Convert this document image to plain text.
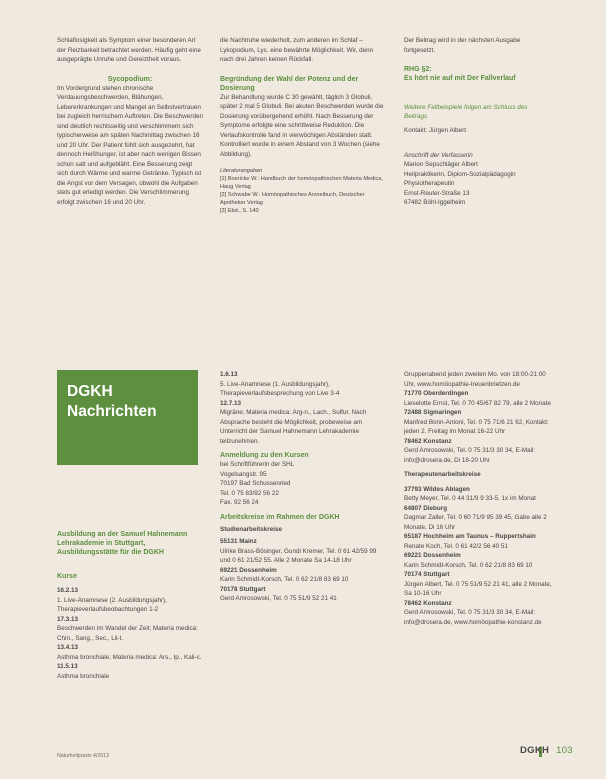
Schlaflosigkeit als Symptom einer besonderen Art der Reizbarkeit betrachtet werden. Häufig geht eine ausgeprägte Unruhe und Gereiztheit voraus.

Sycopodium:

Im Vordergrund stehen chronische Verdauungsbeschwerden, Blähungen, Lebererkrankungen und Mangel an Selbstvertrauen bei zugleich herrischem Auftreten. Die Beschwerden sind deutlich rechtsseitig und verschlimmern sich typischerweise am späten Nachmittag zwischen 16 und 20 Uhr. Der Patient fühlt sich ausgezehrt, hat dennoch Heißhunger, ist aber nach wenigen Bissen schon satt und aufgebläht. Eine Besserung zeigt sich durch Wärme und warme Getränke. Typisch ist die Angst vor dem Versagen, obwohl die Aufgaben stets gut erledigt werden. Die Verschlimmerung erfolgt zwischen 16 und 20 Uhr.

die Nachtruhe wiederholt, zum anderen im Schlaf – Lykopodium, Lyc. eine bewährte Möglichkeit. Wir, denn nach drei Jahren keinen Rückfall.

Begründung der Wahl der Potenz und der Dosierung

Zur Behandlung wurde C 30 gewählt, täglich 3 Globuli, später 2 mal 5 Globuli. Bei akuten Beschwerden wurde die Dosierung vorübergehend erhöht. Nach Besserung der Symptome erfolgte eine schrittweise Reduktion. Die Verlaufskontrolle fand in vierwöchigen Abständen statt. Kontrolliert wurde in einem Abstand von 3 Wochen (siehe Abbildung).

Literaturangaben

[1] Boericke W.: Handbuch der homöopathischen Materia Medica, Haug Verlag

[2] Schwabe W.: Homöopathisches Arzneibuch, Deutscher Apotheker Verlag

[3] Ebd., S. 140

Der Beitrag wird in der nächsten Ausgabe fortgesetzt.

RHG §2:

Es hört nie auf mit Der Fallverlauf

Weitere Fallbeispiele folgen am Schluss des

Beitrags

Kontakt: Jürgen Albert

Anschrift der Verfasserin

Marion Sepschläger Albert

Heilpraktikerin, Diplom-Sozialpädagogin

Physiotherapeutin

Ernst-Reuter-Straße 13

67482 Böhl-Iggelheim

DGKH
Nachrichten

Ausbildung an der Samuel Hahnemann Lehrakademie in Stuttgart, Ausbildungsstätte für die DGKH

Kurse

16.2.13

1. Live-Anamnese (2. Ausbildungsjahr), Therapieverlaufsbeobachtungen 1-2

17.3.13

Beschwerden im Wandel der Zeit; Materia medica: Chin., Sang., Sec., Lil-t.

13.4.13

Asthma bronchiale; Materia medica: Ars., Ip., Kali-c.

11.5.13

Asthma bronchiale

1.6.13

5. Live-Anamnese (1. Ausbildungsjahr), Therapieverlaufsbesprechung von Live 3-4

12.7.13

Migräne; Materia medica: Arg-n., Lach., Sulfur. Nach Absprache besteht die Möglichkeit, probeweise am Unterricht der Samuel Hahnemann Lehrakademie teilzunehmen.

Anmeldung zu den Kursen

bei Schriftführerin der SHL

Vogelsangstr. 95

70197 Bad Schussenried

Tel. 0 75 83/92 56 22

Fax. 92 56 24

Arbeitskreise im Rahmen der DGKH

Studienarbeitskreise

55131 Mainz

Ulrike Brass-Bösinger, Gundi Kremer, Tel. 0 61 42/59 99 und 0 61 21/52 55. Alle 2 Monate Sa 14-18 Uhr

69221 Dossenheim

Karin Schmidt-Korsch, Tel. 0 62 21/8 83 69 10

70178 Stuttgart

Gerd Amrosowski, Tel. 0 75 51/9 52 21 41

Gruppenabend jeden zweiten Mo. von 18:00-21:00 Uhr, www.homöopathie-treuenbrietzen.de

71770 Oberderdingen

Lieselotte Ernst, Tel. 0 70 45/67 82 79, alle 2 Monate

72488 Sigmaringen

Manfred Bonn-Antoni, Tel. 0 75 71/6 21 62, Kontakt: jeden 2. Freitag im Monat 16-22 Uhr

78462 Konstanz

Gerd Amrosowski, Tel. 0 75 31/3 30 34, E-Mail: info@drosera.de, Di 18-20 Uhr

Therapeutenarbeitskreise

37793 Wildes Ablagen

Betty Meyer, Tel. 0 44 31/9 9 33-5, 1x im Monat

64807 Dieburg

Dagmar Zaller, Tel. 0 60 71/9 95 39 45, Gabe alle 2 Monate, Di 16 Uhr

65187 Hochheim am Taunus – Ruppertshain

Renate Koch, Tel. 0 61 42/2 56 40 51

69221 Dossenheim

Karin Schmidt-Korsch, Tel. 0 62 21/8 83 69 10

70174 Stuttgart

Jürgen Albert, Tel. 0 75 51/9 52 21 41, alle 2 Monate, Sa 10-16 Uhr

78462 Konstanz

Gerd Amrosowski, Tel. 0 75 31/3 30 34, E-Mail: info@drosera.de, www.homöopathie-konstanz.de

Naturheilpraxis 4/2013	DGKH 103
